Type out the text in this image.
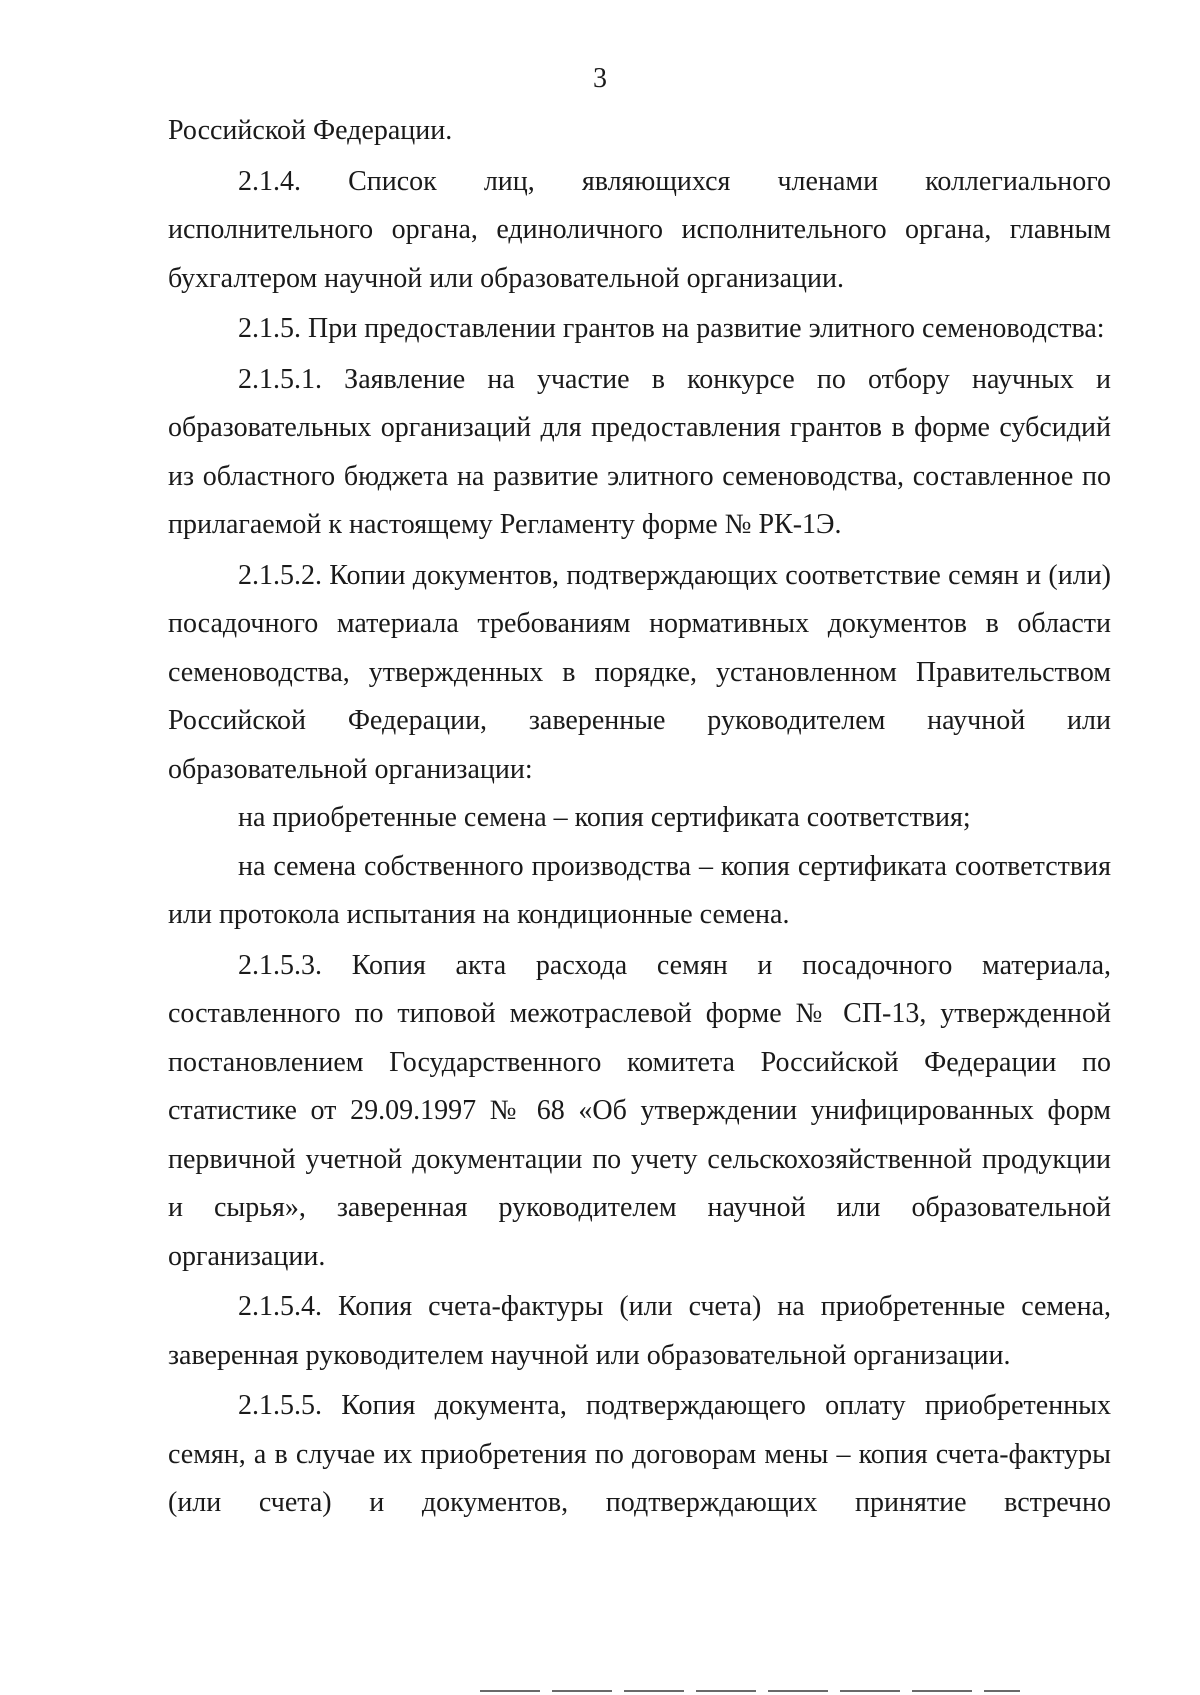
3

Российской Федерации.

2.1.4. Список лиц, являющихся членами коллегиального исполнительного органа, единоличного исполнительного органа, главным бухгалтером научной или образовательной организации.

2.1.5. При предоставлении грантов на развитие элитного семеноводства:

2.1.5.1. Заявление на участие в конкурсе по отбору научных и образовательных организаций для предоставления грантов в форме субсидий из областного бюджета на развитие элитного семеноводства, составленное по прилагаемой к настоящему Регламенту форме № РК-1Э.

2.1.5.2. Копии документов, подтверждающих соответствие семян и (или) посадочного материала требованиям нормативных документов в области семеноводства, утвержденных в порядке, установленном Правительством Российской Федерации, заверенные руководителем научной или образовательной организации:

на приобретенные семена – копия сертификата соответствия;

на семена собственного производства – копия сертификата соответствия или протокола испытания на кондиционные семена.

2.1.5.3. Копия акта расхода семян и посадочного материала, составленного по типовой межотраслевой форме № СП-13, утвержденной постановлением Государственного комитета Российской Федерации по статистике от 29.09.1997 № 68 «Об утверждении унифицированных форм первичной учетной документации по учету сельскохозяйственной продукции и сырья», заверенная руководителем научной или образовательной организации.

2.1.5.4. Копия счета-фактуры (или счета) на приобретенные семена, заверенная руководителем научной или образовательной организации.

2.1.5.5. Копия документа, подтверждающего оплату приобретенных семян, а в случае их приобретения по договорам мены – копия счета-фактуры (или счета) и документов, подтверждающих принятие встречно
